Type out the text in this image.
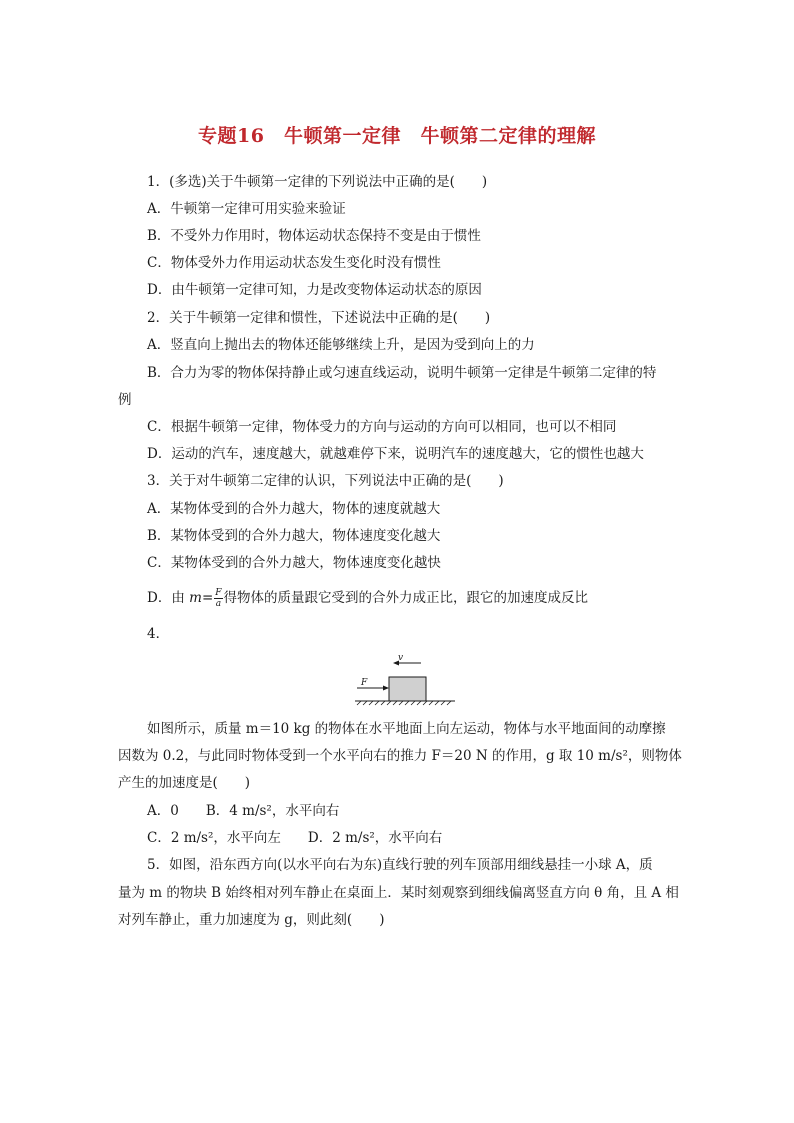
专题16　牛顿第一定律　牛顿第二定律的理解
1．(多选)关于牛顿第一定律的下列说法中正确的是(　　)
A．牛顿第一定律可用实验来验证
B．不受外力作用时，物体运动状态保持不变是由于惯性
C．物体受外力作用运动状态发生变化时没有惯性
D．由牛顿第一定律可知，力是改变物体运动状态的原因
2．关于牛顿第一定律和惯性，下述说法中正确的是(　　)
A．竖直向上抛出去的物体还能够继续上升，是因为受到向上的力
B．合力为零的物体保持静止或匀速直线运动，说明牛顿第一定律是牛顿第二定律的特
例
C．根据牛顿第一定律，物体受力的方向与运动的方向可以相同，也可以不相同
D．运动的汽车，速度越大，就越难停下来，说明汽车的速度越大，它的惯性也越大
3．关于对牛顿第二定律的认识，下列说法中正确的是(　　)
A．某物体受到的合外力越大，物体的速度就越大
B．某物体受到的合外力越大，物体速度变化越大
C．某物体受到的合外力越大，物体速度变化越快
D．由 $m= \frac{F}{a}$ 得物体的质量跟它受到的合外力成正比，跟它的加速度成反比
4．
v
F
如图所示，质量 m＝10 kg 的物体在水平地面上向左运动，物体与水平地面间的动摩擦
因数为 0.2，与此同时物体受到一个水平向右的推力 F＝20 N 的作用，g 取 10 m/s²，则物体
产生的加速度是(　　)
A．0　　B．4 m/s²，水平向右
C．2 m/s²，水平向左　　D．2 m/s²，水平向右
5．如图，沿东西方向(以水平向右为东)直线行驶的列车顶部用细线悬挂一小球 A，质
量为 m 的物块 B 始终相对列车静止在桌面上．某时刻观察到细线偏离竖直方向 θ 角，且 A 相
对列车静止，重力加速度为 g，则此刻(　　)
